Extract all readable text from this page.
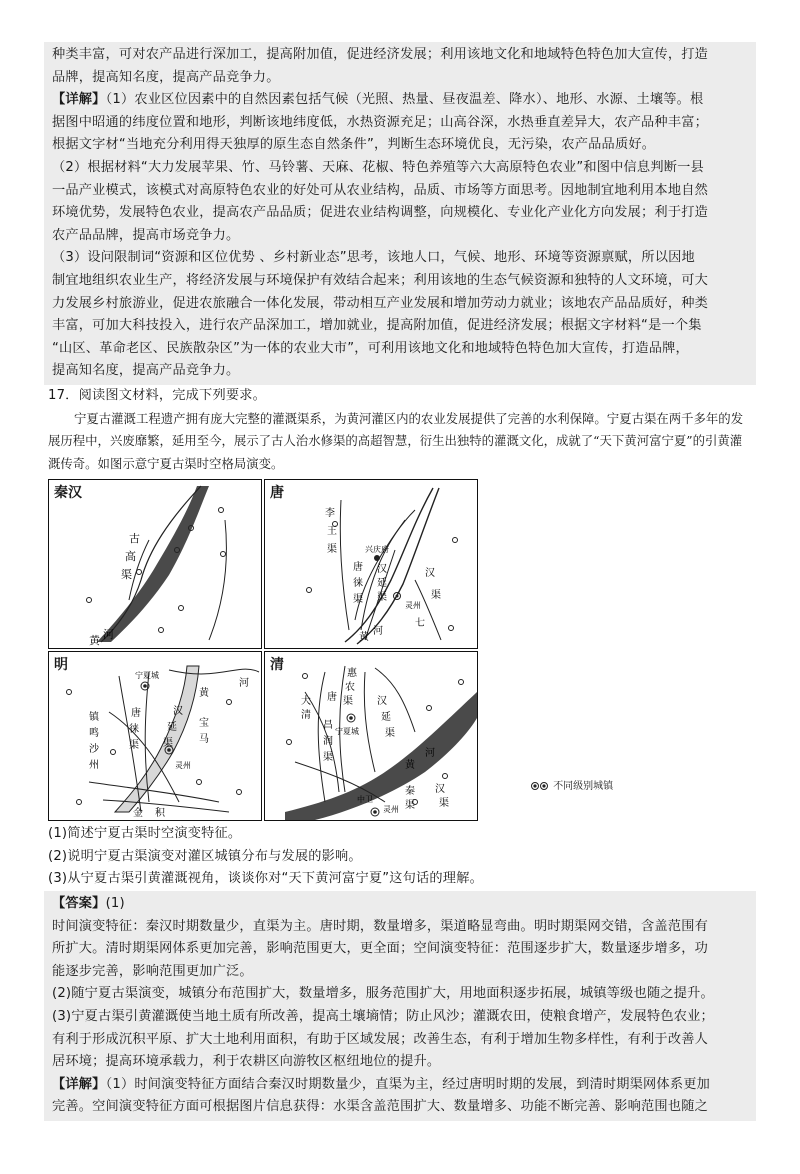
种类丰富，可对农产品进行深加工，提高附加值，促进经济发展；利用该地文化和地域特色特色加大宣传，打造

品牌，提高知名度，提高产品竞争力。

【详解】（1）农业区位因素中的自然因素包括气候（光照、热量、昼夜温差、降水）、地形、水源、土壤等。根

据图中昭通的纬度位置和地形，判断该地纬度低，水热资源充足；山高谷深，水热垂直差异大，农产品种丰富；

根据文字材“当地充分利用得天独厚的原生态自然条件”，判断生态环境优良，无污染，农产品品质好。

（2）根据材料“大力发展苹果、竹、马铃薯、天麻、花椒、特色养殖等六大高原特色农业”和图中信息判断一县

一品产业模式，该模式对高原特色农业的好处可从农业结构，品质、市场等方面思考。因地制宜地利用本地自然

环境优势，发展特色农业，提高农产品品质；促进农业结构调整，向规模化、专业化产业化方向发展；利于打造

农产品品牌，提高市场竞争力。

（3）设问限制词“资源和区位优势 、乡村新业态”思考，该地人口，气候、地形、环境等资源禀赋，所以因地

制宜地组织农业生产，将经济发展与环境保护有效结合起来；利用该地的生态气候资源和独特的人文环境，可大

力发展乡村旅游业，促进农旅融合一体化发展，带动相互产业发展和增加劳动力就业；该地农产品品质好，种类

丰富，可加大科技投入，进行农产品深加工，增加就业，提高附加值，促进经济发展；根据文字材料“是一个集

“山区、革命老区、民族散杂区”为一体的农业大市”，可利用该地文化和地域特色特色加大宣传，打造品牌，

提高知名度，提高产品竞争力。

17．阅读图文材料，完成下列要求。

宁夏古灌溉工程遗产拥有庞大完整的灌溉渠系，为黄河灌区内的农业发展提供了完善的水利保障。宁夏古渠在两千多年的发展历程中，兴废靡繁，延用至今，展示了古人治水修渠的高超智慧，衍生出独特的灌溉文化，成就了“天下黄河富宁夏”的引黄灌溉传奇。如图示意宁夏古渠时空格局演变。

秦汉
古
高
渠
黄 河
唐
李
王
渠	兴庆府
汉
延
渠
唐
徕
渠
灵州
汉
渠
黄
河
七
明
宁夏城
黄
河
汉
延
渠
唐
徕
渠
灵州
金 积
镇
鸣
沙
州
宝
马
清
惠
农
渠
唐
大
清
汉
延
渠
宁夏城
昌
润
渠
黄
河
灵州
汉
渠
秦
渠
中卫
不同级别城镇

(1)简述宁夏古渠时空演变特征。

(2)说明宁夏古渠演变对灌区城镇分布与发展的影响。

(3)从宁夏古渠引黄灌溉视角，谈谈你对“天下黄河富宁夏”这句话的理解。

【答案】(1)

时间演变特征：秦汉时期数量少，直渠为主。唐时期，数量增多，渠道略显弯曲。明时期渠网交错，含盖范围有

所扩大。清时期渠网体系更加完善，影响范围更大，更全面；空间演变特征：范围逐步扩大，数量逐步增多，功

能逐步完善，影响范围更加广泛。

(2)随宁夏古渠演变，城镇分布范围扩大，数量增多，服务范围扩大，用地面积逐步拓展，城镇等级也随之提升。

(3)宁夏古渠引黄灌溉使当地土质有所改善，提高土壤墒情；防止风沙；灌溉农田，使粮食增产，发展特色农业；

有利于形成沉积平原、扩大土地利用面积，有助于区域发展；改善生态，有利于增加生物多样性，有利于改善人

居环境；提高环境承载力，利于农耕区向游牧区枢纽地位的提升。

【详解】（1）时间演变特征方面结合秦汉时期数量少，直渠为主，经过唐明时期的发展，到清时期渠网体系更加

完善。空间演变特征方面可根据图片信息获得：水渠含盖范围扩大、数量增多、功能不断完善、影响范围也随之
